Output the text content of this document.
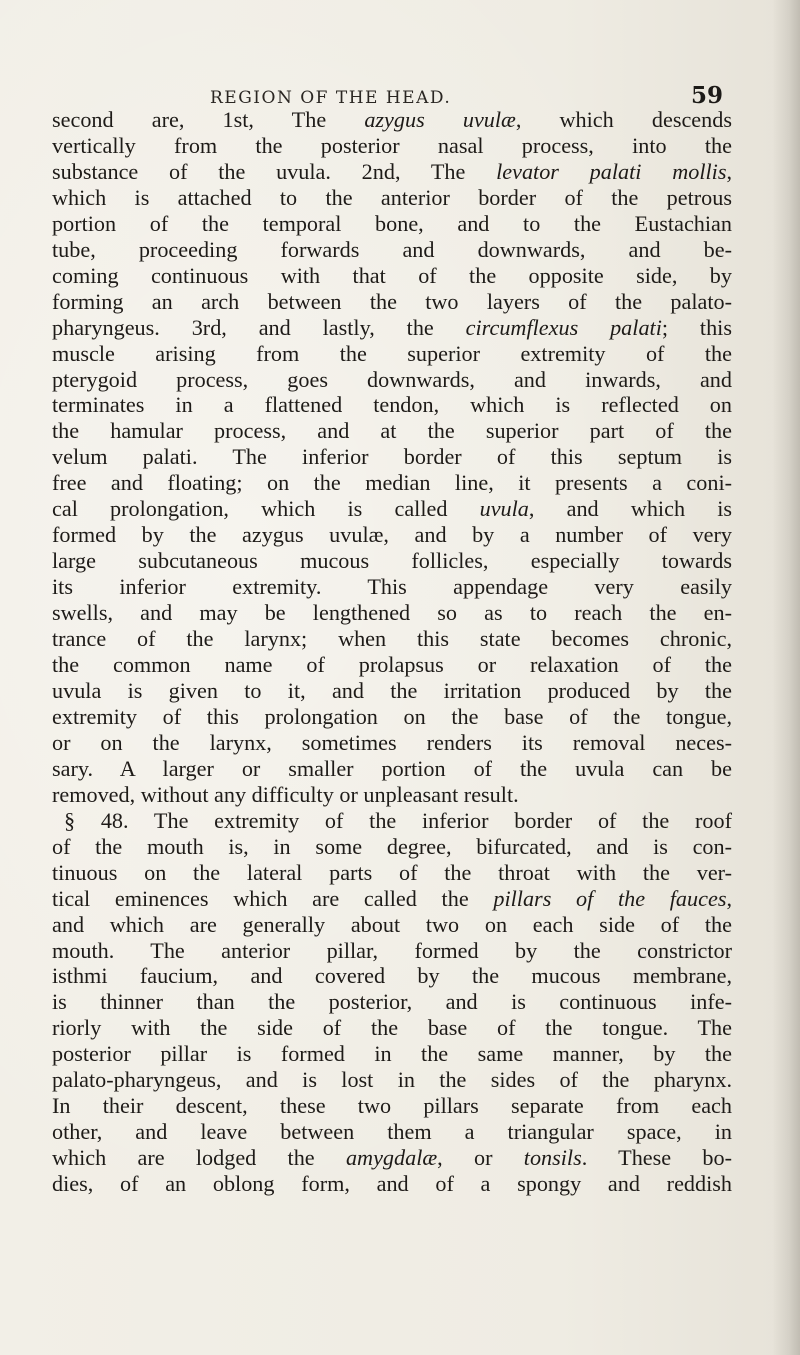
REGION OF THE HEAD.	59
second are, 1st, The azygus uvulæ, which descends
vertically from the posterior nasal process, into the
substance of the uvula. 2nd, The levator palati mollis,
which is attached to the anterior border of the petrous
portion of the temporal bone, and to the Eustachian
tube, proceeding forwards and downwards, and be-
coming continuous with that of the opposite side, by
forming an arch between the two layers of the palato-
pharyngeus. 3rd, and lastly, the circumflexus palati; this
muscle arising from the superior extremity of the
pterygoid process, goes downwards, and inwards, and
terminates in a flattened tendon, which is reflected on
the hamular process, and at the superior part of the
velum palati. The inferior border of this septum is
free and floating; on the median line, it presents a coni-
cal prolongation, which is called uvula, and which is
formed by the azygus uvulæ, and by a number of very
large subcutaneous mucous follicles, especially towards
its inferior extremity. This appendage very easily
swells, and may be lengthened so as to reach the en-
trance of the larynx; when this state becomes chronic,
the common name of prolapsus or relaxation of the
uvula is given to it, and the irritation produced by the
extremity of this prolongation on the base of the tongue,
or on the larynx, sometimes renders its removal neces-
sary. A larger or smaller portion of the uvula can be
removed, without any difficulty or unpleasant result.
§ 48. The extremity of the inferior border of the roof
of the mouth is, in some degree, bifurcated, and is con-
tinuous on the lateral parts of the throat with the ver-
tical eminences which are called the pillars of the fauces,
and which are generally about two on each side of the
mouth. The anterior pillar, formed by the constrictor
isthmi faucium, and covered by the mucous membrane,
is thinner than the posterior, and is continuous infe-
riorly with the side of the base of the tongue. The
posterior pillar is formed in the same manner, by the
palato-pharyngeus, and is lost in the sides of the pharynx.
In their descent, these two pillars separate from each
other, and leave between them a triangular space, in
which are lodged the amygdalæ, or tonsils. These bo-
dies, of an oblong form, and of a spongy and reddish
